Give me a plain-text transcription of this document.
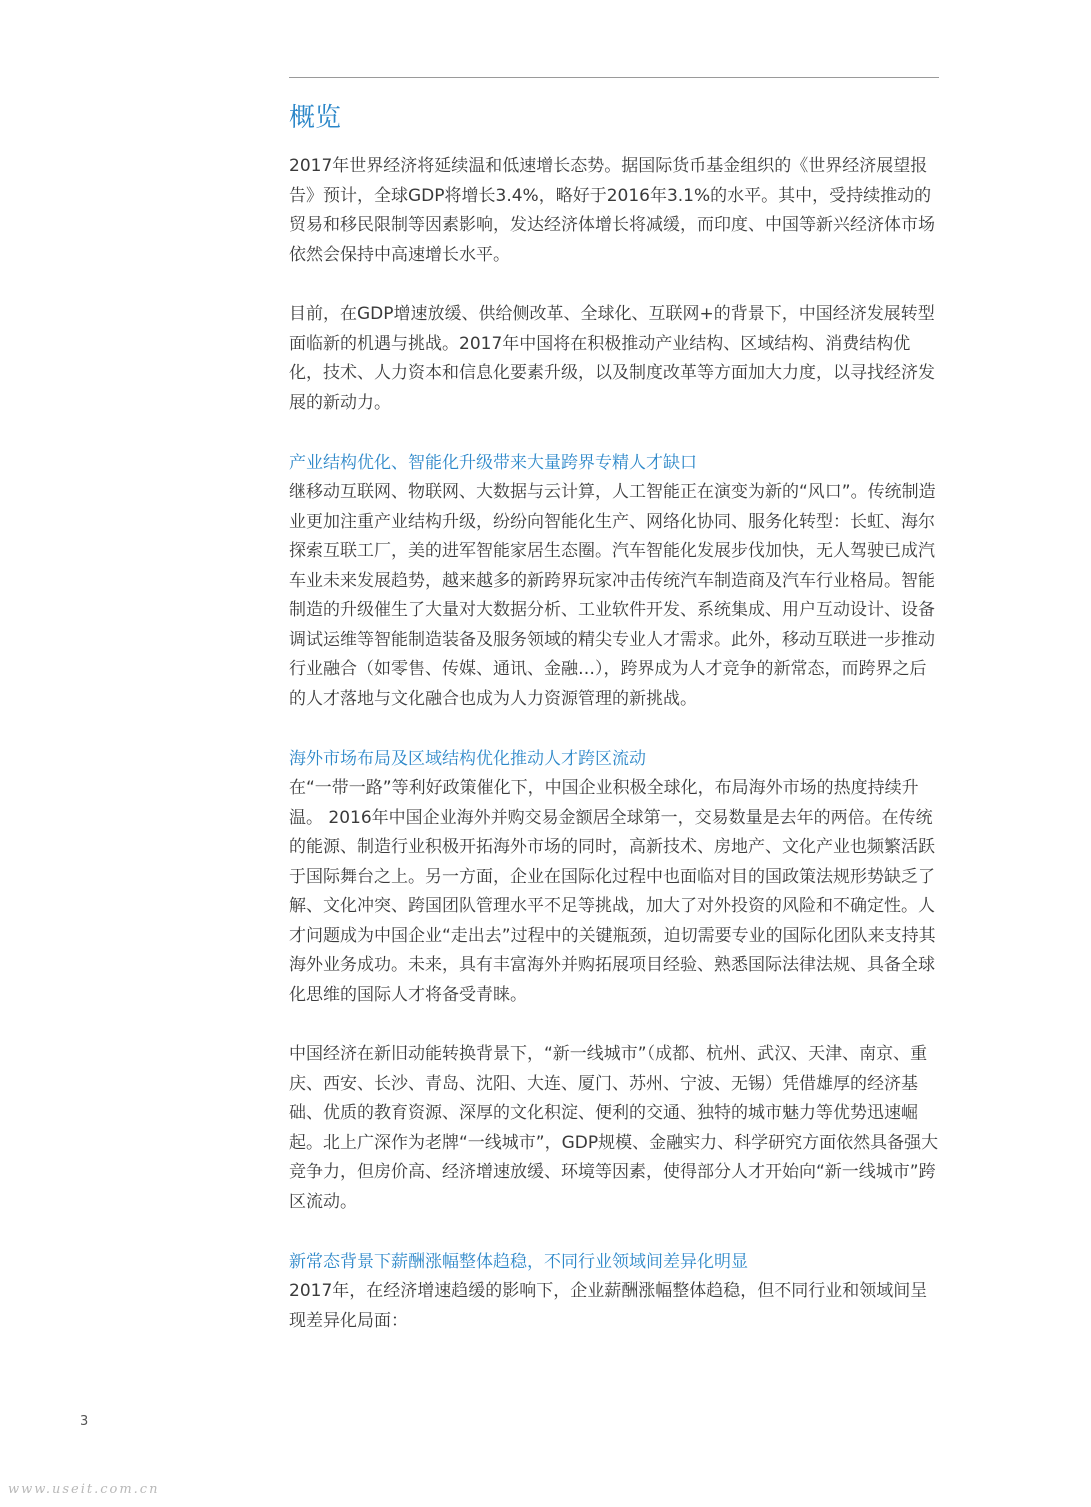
概览

2017年世界经济将延续温和低速增长态势。据国际货币基金组织的《世界经济展望报告》预计，全球GDP将增长3.4%，略好于2016年3.1%的水平。其中，受持续推动的贸易和移民限制等因素影响，发达经济体增长将减缓，而印度、中国等新兴经济体市场依然会保持中高速增长水平。

目前，在GDP增速放缓、供给侧改革、全球化、互联网+的背景下，中国经济发展转型面临新的机遇与挑战。2017年中国将在积极推动产业结构、区域结构、消费结构优化，技术、人力资本和信息化要素升级，以及制度改革等方面加大力度，以寻找经济发展的新动力。

产业结构优化、智能化升级带来大量跨界专精人才缺口

继移动互联网、物联网、大数据与云计算，人工智能正在演变为新的“风口”。传统制造业更加注重产业结构升级，纷纷向智能化生产、网络化协同、服务化转型：长虹、海尔探索互联工厂，美的进军智能家居生态圈。汽车智能化发展步伐加快，无人驾驶已成汽车业未来发展趋势，越来越多的新跨界玩家冲击传统汽车制造商及汽车行业格局。智能制造的升级催生了大量对大数据分析、工业软件开发、系统集成、用户互动设计、设备调试运维等智能制造装备及服务领域的精尖专业人才需求。此外，移动互联进一步推动行业融合（如零售、传媒、通讯、金融…），跨界成为人才竞争的新常态，而跨界之后的人才落地与文化融合也成为人力资源管理的新挑战。

海外市场布局及区域结构优化推动人才跨区流动

在“一带一路”等利好政策催化下，中国企业积极全球化，布局海外市场的热度持续升温。 2016年中国企业海外并购交易金额居全球第一，交易数量是去年的两倍。在传统的能源、制造行业积极开拓海外市场的同时，高新技术、房地产、文化产业也频繁活跃于国际舞台之上。另一方面，企业在国际化过程中也面临对目的国政策法规形势缺乏了解、文化冲突、跨国团队管理水平不足等挑战，加大了对外投资的风险和不确定性。人才问题成为中国企业“走出去”过程中的关键瓶颈，迫切需要专业的国际化团队来支持其海外业务成功。未来，具有丰富海外并购拓展项目经验、熟悉国际法律法规、具备全球化思维的国际人才将备受青睐。

中国经济在新旧动能转换背景下，“新一线城市”（成都、杭州、武汉、天津、南京、重庆、西安、长沙、青岛、沈阳、大连、厦门、苏州、宁波、无锡）凭借雄厚的经济基础、优质的教育资源、深厚的文化积淀、便利的交通、独特的城市魅力等优势迅速崛起。北上广深作为老牌“一线城市”，GDP规模、金融实力、科学研究方面依然具备强大竞争力，但房价高、经济增速放缓、环境等因素，使得部分人才开始向“新一线城市”跨区流动。

新常态背景下薪酬涨幅整体趋稳，不同行业领域间差异化明显

2017年，在经济增速趋缓的影响下，企业薪酬涨幅整体趋稳，但不同行业和领域间呈现差异化局面：

3
www.useit.com.cn
